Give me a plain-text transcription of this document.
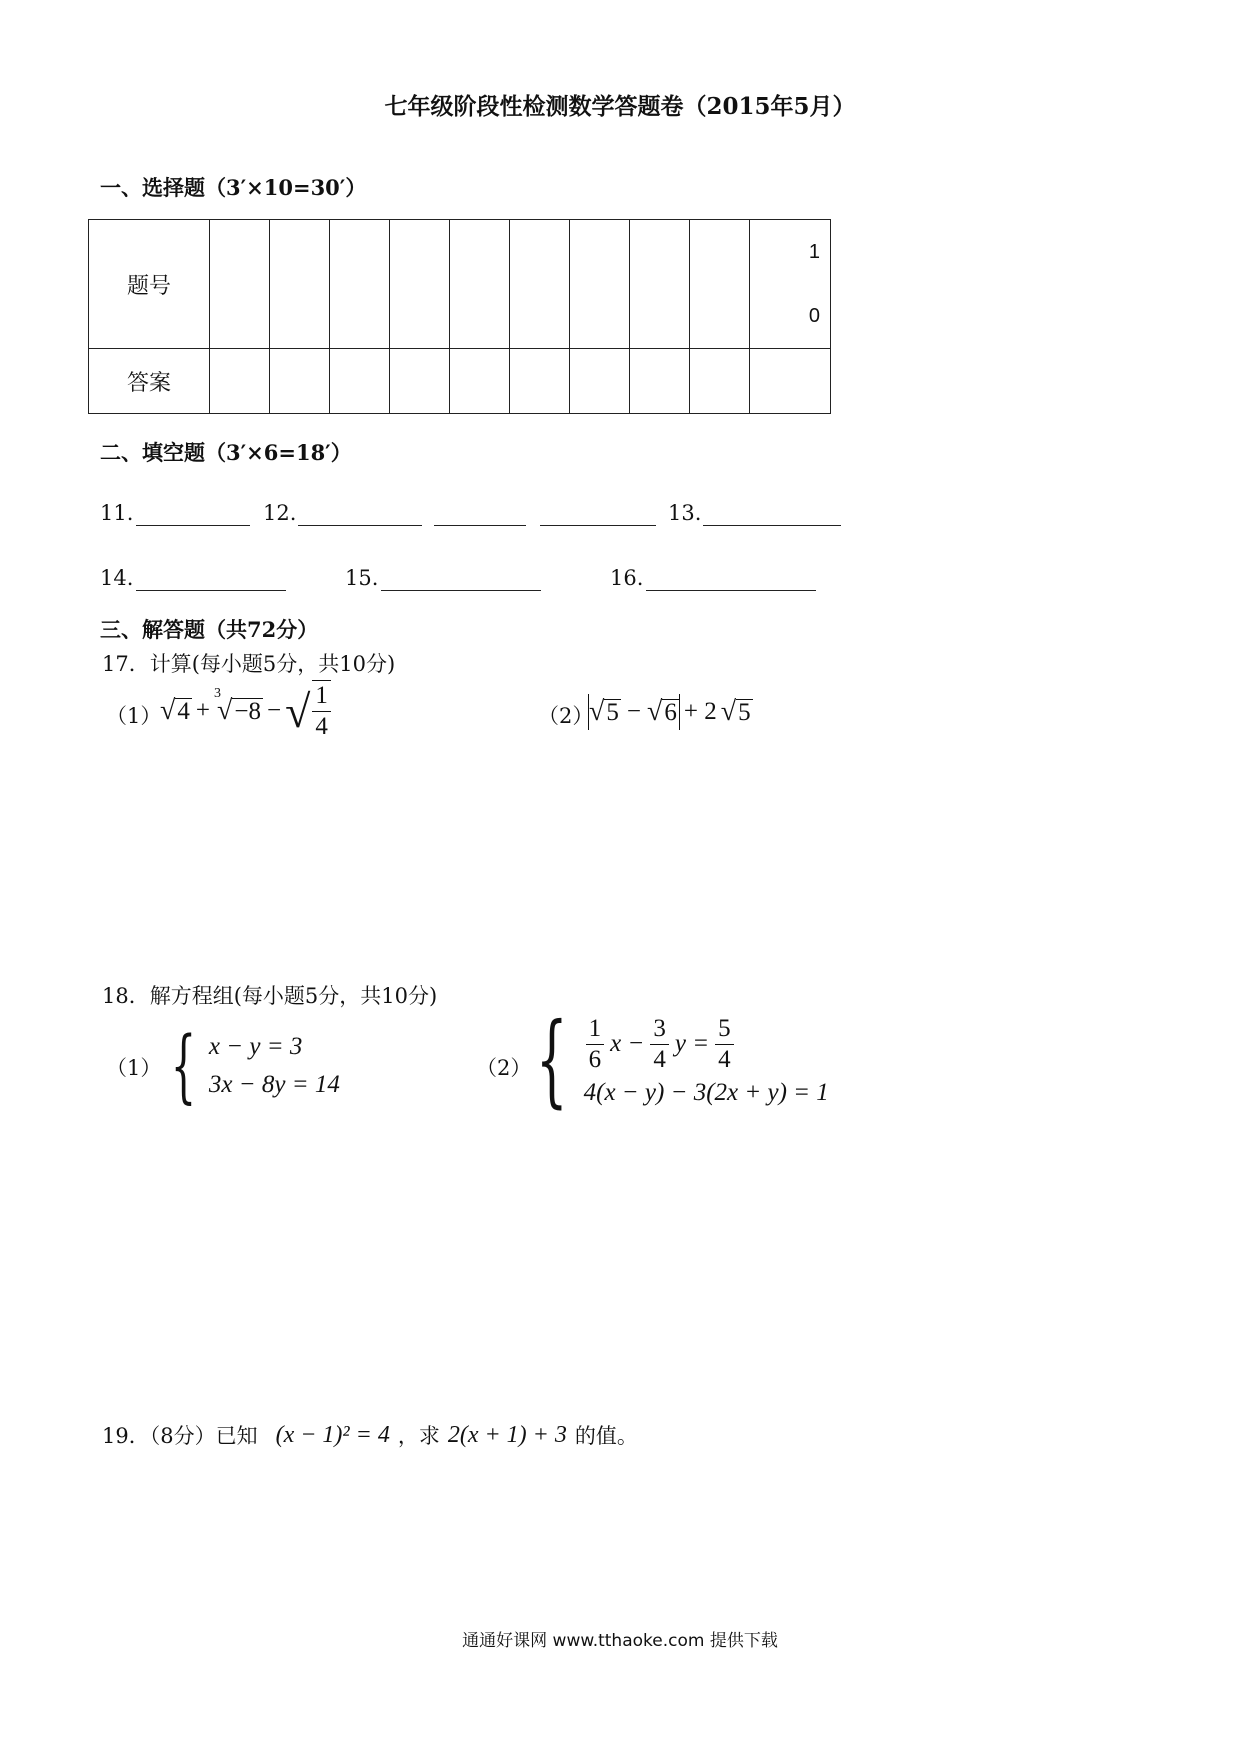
七年级阶段性检测数学答题卷（2015年5月）
一、选择题（3′×10=30′）
题号										1
0

答案										
二、填空题（3′×6=18′）
11.	12.	13.
14.	15.	16.
三、解答题（共72分）
17．计算(每小题5分，共10分)
（1）
√ 4 +
$^3$
√ −8 − √ $\frac{1}{4}$	（2）
√ 5 − √ 6 + 2 √ 5
18．解方程组(每小题5分，共10分)
（1） { x − y = 3
3x − 8y = 14
（2） { $\frac{1}{6}$ $x - \frac{3}{4}$ $y = \frac{5}{4}$
4(x − y) − 3(2x + y) = 1
19．（8分）已知 (x − 1)² = 4 ，求 2(x + 1) + 3 的值。
通通好课网 www.tthaoke.com 提供下载
